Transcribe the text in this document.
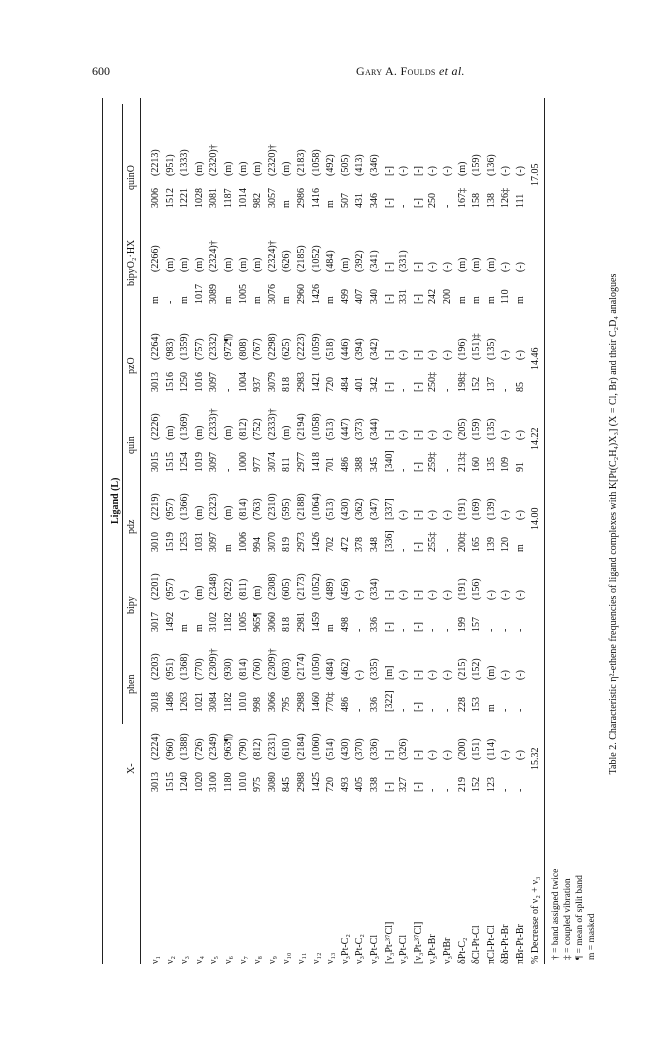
600	Gary A. Foulds et al.
Ligand (L)
X-
phen
bipy
pdz
quin
pzO
bipyO₂·HX
quinO
ν₁
3013
(2224)
3018
(2203)
3017
(2201)
3010
(2219)
3015
(2226)
3013
(2264)
m
(2266)
3006
(2213)
ν₂
1515
(960)
1486
(951)
1492
(957)
1519
(957)
1515
(m)
1516
(983)
-
(m)
1512
(951)
ν₃
1240
(1388)
1263
(1368)
m
(-)
1253
(1366)
1254
(1369)
1250
(1359)
m
(m)
1221
(1333)
ν₄
1020
(726)
1021
(770)
m
(m)
1031
(m)
1019
(m)
1016
(757)
1017
(m)
1028
(m)
ν₅
3100
(2349)
3084
(2309)†
3102
(2348)
3097
(2323)
3097
(2333)†
3097
(2332)
3089
(2324)†
3081
(2320)†
ν₆
1180
(963¶)
1182
(930)
1182
(922)
m
(m)
-
(m)
-
(972¶)
m
(m)
1187
(m)
ν₇
1010
(790)
1010
(814)
1005
(811)
1006
(814)
1000
(812)
1004
(808)
1005
(m)
1014
(m)
ν₈
975
(812)
998
(760)
965¶
(m)
994
(763)
977
(752)
937
(767)
m
(m)
982
(m)
ν₉
3080
(2331)
3066
(2309)†
3060
(2308)
3070
(2310)
3074
(2333)†
3079
(2298)
3076
(2324)†
3057
(2320)†
ν₁₀
845
(610)
795
(603)
818
(605)
819
(595)
811
(m)
818
(625)
m
(626)
m
(m)
ν₁₁
2988
(2184)
2988
(2174)
2981
(2173)
2973
(2188)
2977
(2194)
2983
(2223)
2960
(2185)
2986
(2183)
ν₁₂
1425
(1060)
1460
(1050)
1459
(1052)
1426
(1064)
1418
(1058)
1421
(1059)
1426
(1052)
1416
(1058)
ν₁₃
720
(514)
770‡
(484)
m
(489)
702
(513)
701
(513)
720
(518)
m
(484)
m
(492)
ν₃Pt-C₂
493
(430)
486
(462)
498
(456)
472
(430)
486
(447)
484
(446)
499
(m)
507
(505)
ν₃Pt-C₂
405
(370)
-
(-)
-
(-)
378
(362)
388
(373)
401
(394)
407
(392)
431
(413)
ν₃Pt-Cl
338
(336)
336
(335)
336
(334)
348
(347)
345
(344)
342
(342)
340
(341)
346
(346)
[ν₃Pt-³⁷Cl]
[-]
[-]
[322]
[m]
[-]
[-]
[336]
[337]
[340]
[-]
[-]
[-]
[-]
[-]
[-]
[-]
ν₃Pt-Cl
327
(326)
-
(-)
-
(-)
-
(-)
-
(-)
-
(-)
331
(331)
-
(-)
[ν₃Pt-³⁷Cl]
[-]
[-]
[-]
[-]
[-]
[-]
[-]
[-]
[-]
[-]
[-]
[-]
[-]
[-]
[-]
[-]
ν₃Pt-Br
-
(-)
-
(-)
-
(-)
255‡
(-)
259‡
(-)
250‡
(-)
242
(-)
250
(-)
ν₃PtBr
-
(-)
-
(-)
-
(-)
-
(-)
-
(-)
-
(-)
200
(-)
-
(-)
δPt-C₂
219
(200)
228
(215)
199
(191)
200‡
(191)
213‡
(205)
198‡
(196)
m
(m)
167‡
(m)
δCl-Pt-Cl
152
(151)
153
(152)
157
(156)
165
(169)
160
(159)
152
(151)‡
m
(m)
158
(159)
πCl-Pt-Cl
123
(114)
m
(m)
-
(-)
139
(139)
135
(135)
137
(135)
m
(m)
138
(136)
δBr-Pt-Br
-
(-)
-
(-)
-
(-)
120
(-)
109
(-)
-
(-)
110
(-)
126‡
(-)
πBr-Pt-Br
-
(-)
-
(-)
-
(-)
m
(-)
91
(-)
85
(-)
m
(-)
111
(-)
% Decrease of ν₂ + ν₃
15.32
14.00
14.22
14.46
17.05
† = band assigned twice ‡ = coupled vibration ¶ = mean of split band m = masked
Table 2. Characteristic η²-ethene frequencies of ligand complexes with K[Pt(C₂H₄)X₃] (X = Cl, Br) and their C₂D₄ analogues
